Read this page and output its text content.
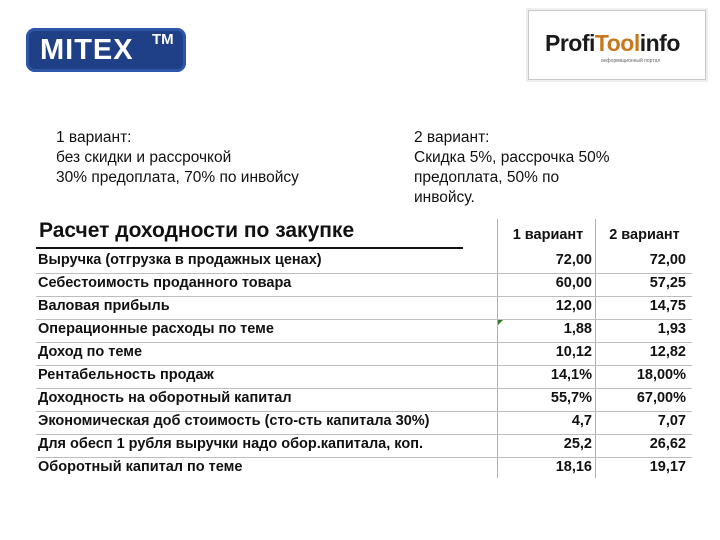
MITEX TM	ProfiToolinfo
информационный портал
1 вариант:
без скидки и рассрочкой
30% предоплата, 70% по инвойсу
2 вариант:
Скидка 5%, рассрочка 50%
предоплата, 50% по
инвойсу.
Расчет доходности по закупке	1 вариант	2 вариант
Выручка (отгрузка в продажных ценах)	72,00	72,00
Себестоимость проданного товара	60,00	57,25
Валовая прибыль	12,00	14,75
Операционные расходы по теме	1,88	1,93
Доход по теме	10,12	12,82
Рентабельность продаж	14,1%	18,00%
Доходность на оборотный капитал	55,7%	67,00%
Экономическая доб стоимость (сто-сть капитала 30%)	4,7	7,07
Для обесп 1 рубля выручки надо обор.капитала, коп.	25,2	26,62
Оборотный капитал по теме	18,16	19,17
